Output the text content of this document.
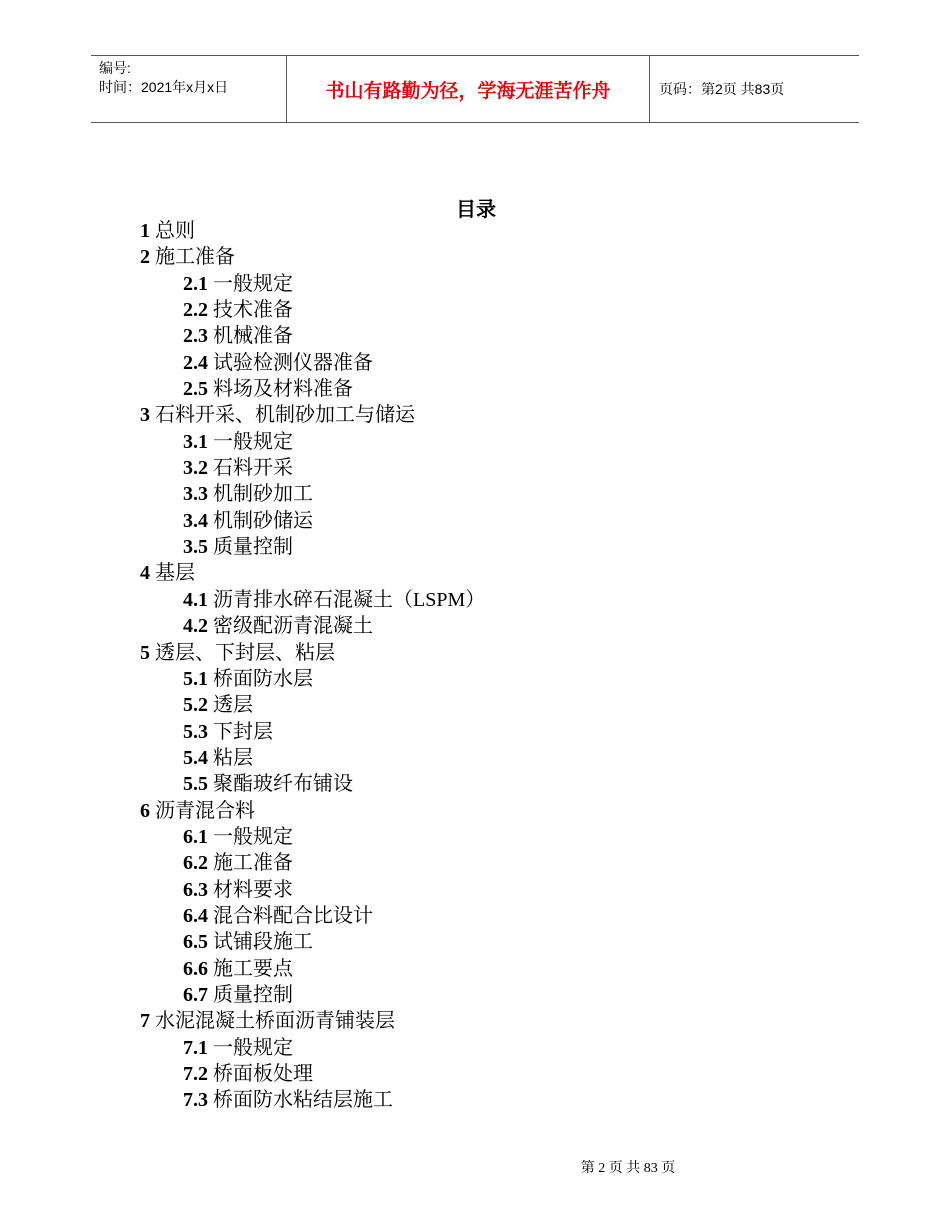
编号:
时间：2021年x月x日	书山有路勤为径，学海无涯苦作舟	页码：第2页 共83页
目录
1 总则
2 施工准备
2.1 一般规定
2.2 技术准备
2.3 机械准备
2.4 试验检测仪器准备
2.5 料场及材料准备
3 石料开采、机制砂加工与储运
3.1 一般规定
3.2 石料开采
3.3 机制砂加工
3.4 机制砂储运
3.5 质量控制
4 基层
4.1 沥青排水碎石混凝土（LSPM）
4.2 密级配沥青混凝土
5 透层、下封层、粘层
5.1 桥面防水层
5.2 透层
5.3 下封层
5.4 粘层
5.5 聚酯玻纤布铺设
6 沥青混合料
6.1 一般规定
6.2 施工准备
6.3 材料要求
6.4 混合料配合比设计
6.5 试铺段施工
6.6 施工要点
6.7 质量控制
7 水泥混凝土桥面沥青铺装层
7.1 一般规定
7.2 桥面板处理
7.3 桥面防水粘结层施工
第 2 页 共 83 页
